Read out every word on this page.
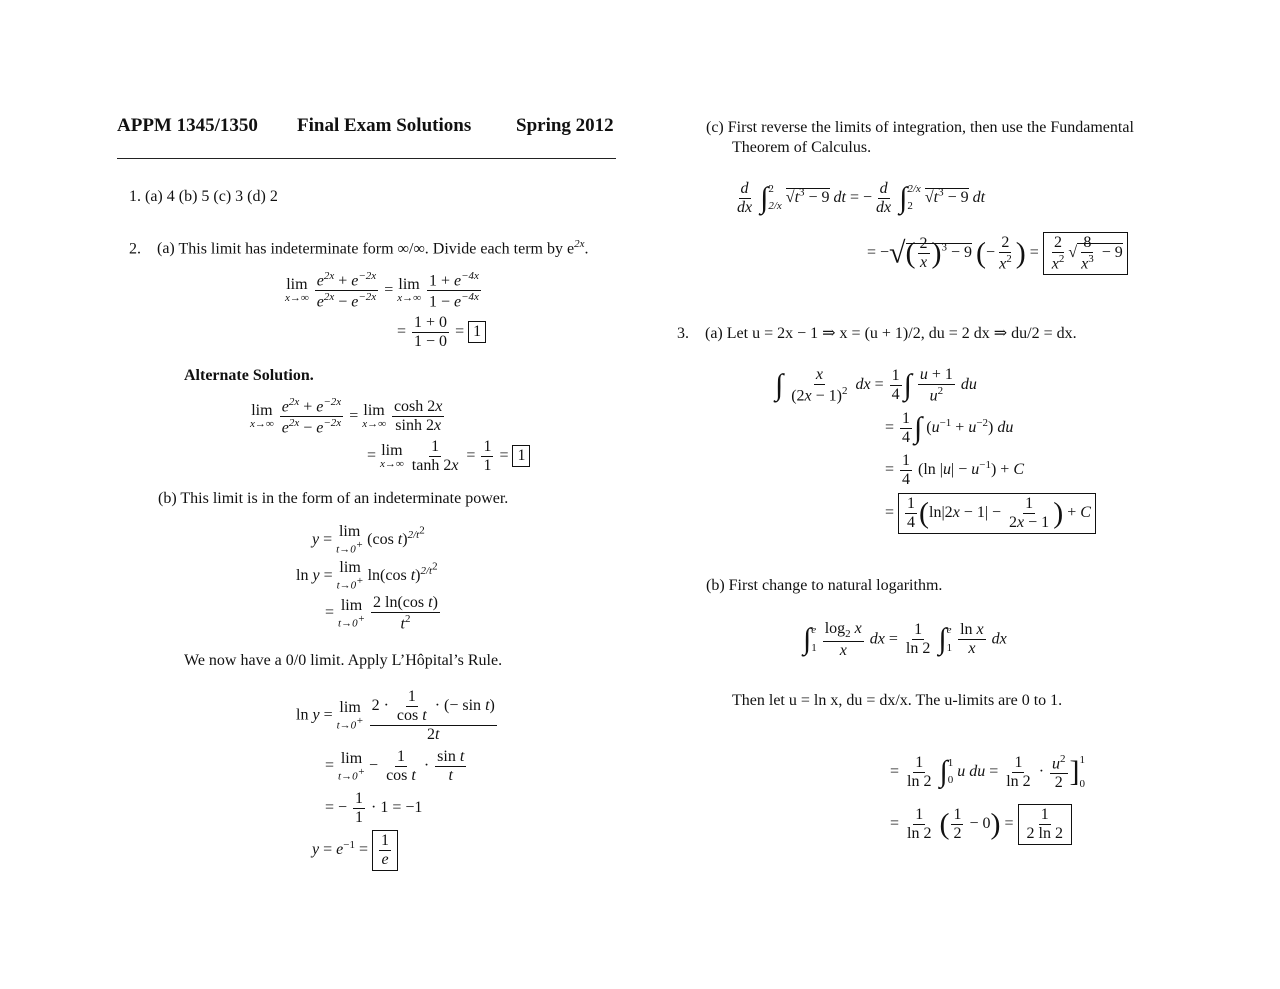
APPM 1345/1350 Final Exam Solutions Spring 2012
1. (a) 4 (b) 5 (c) 3 (d) 2
2. (a) This limit has indeterminate form ∞/∞. Divide each term by $e^{2x}$.
lim
x→∞
$\frac{e^{2x} + e^{-2x}}{e^{2x} - e^{-2x}} = \lim$
x→∞
$\frac{1 + e^{-4x}}{1 - e^{-4x}}$
= $\frac{1 + 0}{1 - 0} = 1$
Alternate Solution.
lim
x→∞
$\frac{e^{2x} + e^{-2x}}{e^{2x} - e^{-2x}} = \lim$
x→∞
$\frac{\cosh 2x}{\sinh 2x}$
= lim
x→∞
$\frac{1}{\tanh 2x} = \frac{1}{1} = 1$
(b) This limit is in the form of an indeterminate power.
y = lim
t→0+ (cos t)$^{2/t^2}$
ln y = lim
t→0+ ln(cos t)$^{2/t^2}$
= lim
t→0+
$\frac{\text{2 ln(cos t)}}{t^2}$
We now have a 0/0 limit. Apply L’Hôpital’s Rule.
ln y = lim
t→0+
$\frac{2 \cdot \frac{1}{\text{cos t}} \cdot (- \sin t)}{2t}$
= lim
$t\to 0^+ - \frac{1}{\text{cos t}} \cdot \frac{\text{sin t}}{t}$
= − $\frac{1}{1} \cdot 1 = -1$
$y = e^{-1} = \frac{1}{e}$
(c) First reverse the limits of integration, then use the Fundamental
Theorem of Calculus.
$\frac{d}{dx}$ ∫ 2
2/x
$√t^3 - 9$ dt = − $\frac{d}{dx}$ ∫ 2/x
2
$√t^3 - 9$ dt
= −√( $\frac{2}{x} )^3 - 9$ (− $\frac{2}{x^2}$ ) = $\frac{2}{x^2}$ √ $\frac{8}{x^3} - 9$
3. (a) Let u = 2x − 1 ⇒ x = (u + 1)/2, du = 2 dx ⇒ du/2 = dx.
∫ $\frac{x}{(2x - 1)^2}$ dx = $\frac{1}{4}$ ∫ $\frac{u + 1}{u^2}$ du
= $\frac{1}{4}$ ∫ $(u^{-1} + u^{-2})$ du
= $\frac{1}{4} (\ln$ $|u| - u^{-1}) + C$
= $\frac{1}{4} (\ln|2x - 1| - \frac{1}{2x - 1}$ ) + C
(b) First change to natural logarithm.
∫ e
1
$\frac{\log_2 x}{x}$ dx = $\frac{1}{\ln 2}$ ∫ e
1
$\frac{\text{ln x}}{x}$ dx
Then let u = ln x, du = dx/x. The u-limits are 0 to 1.
= $\frac{1}{\ln 2}$ ∫ 1
0
u du = $\frac{1}{\ln 2} \cdot \frac{u^2}{2}$ ] 1
0
= $\frac{1}{\ln 2}$ ( $\frac{1}{2} - 0) = \frac{1}{2 \ln 2}$
